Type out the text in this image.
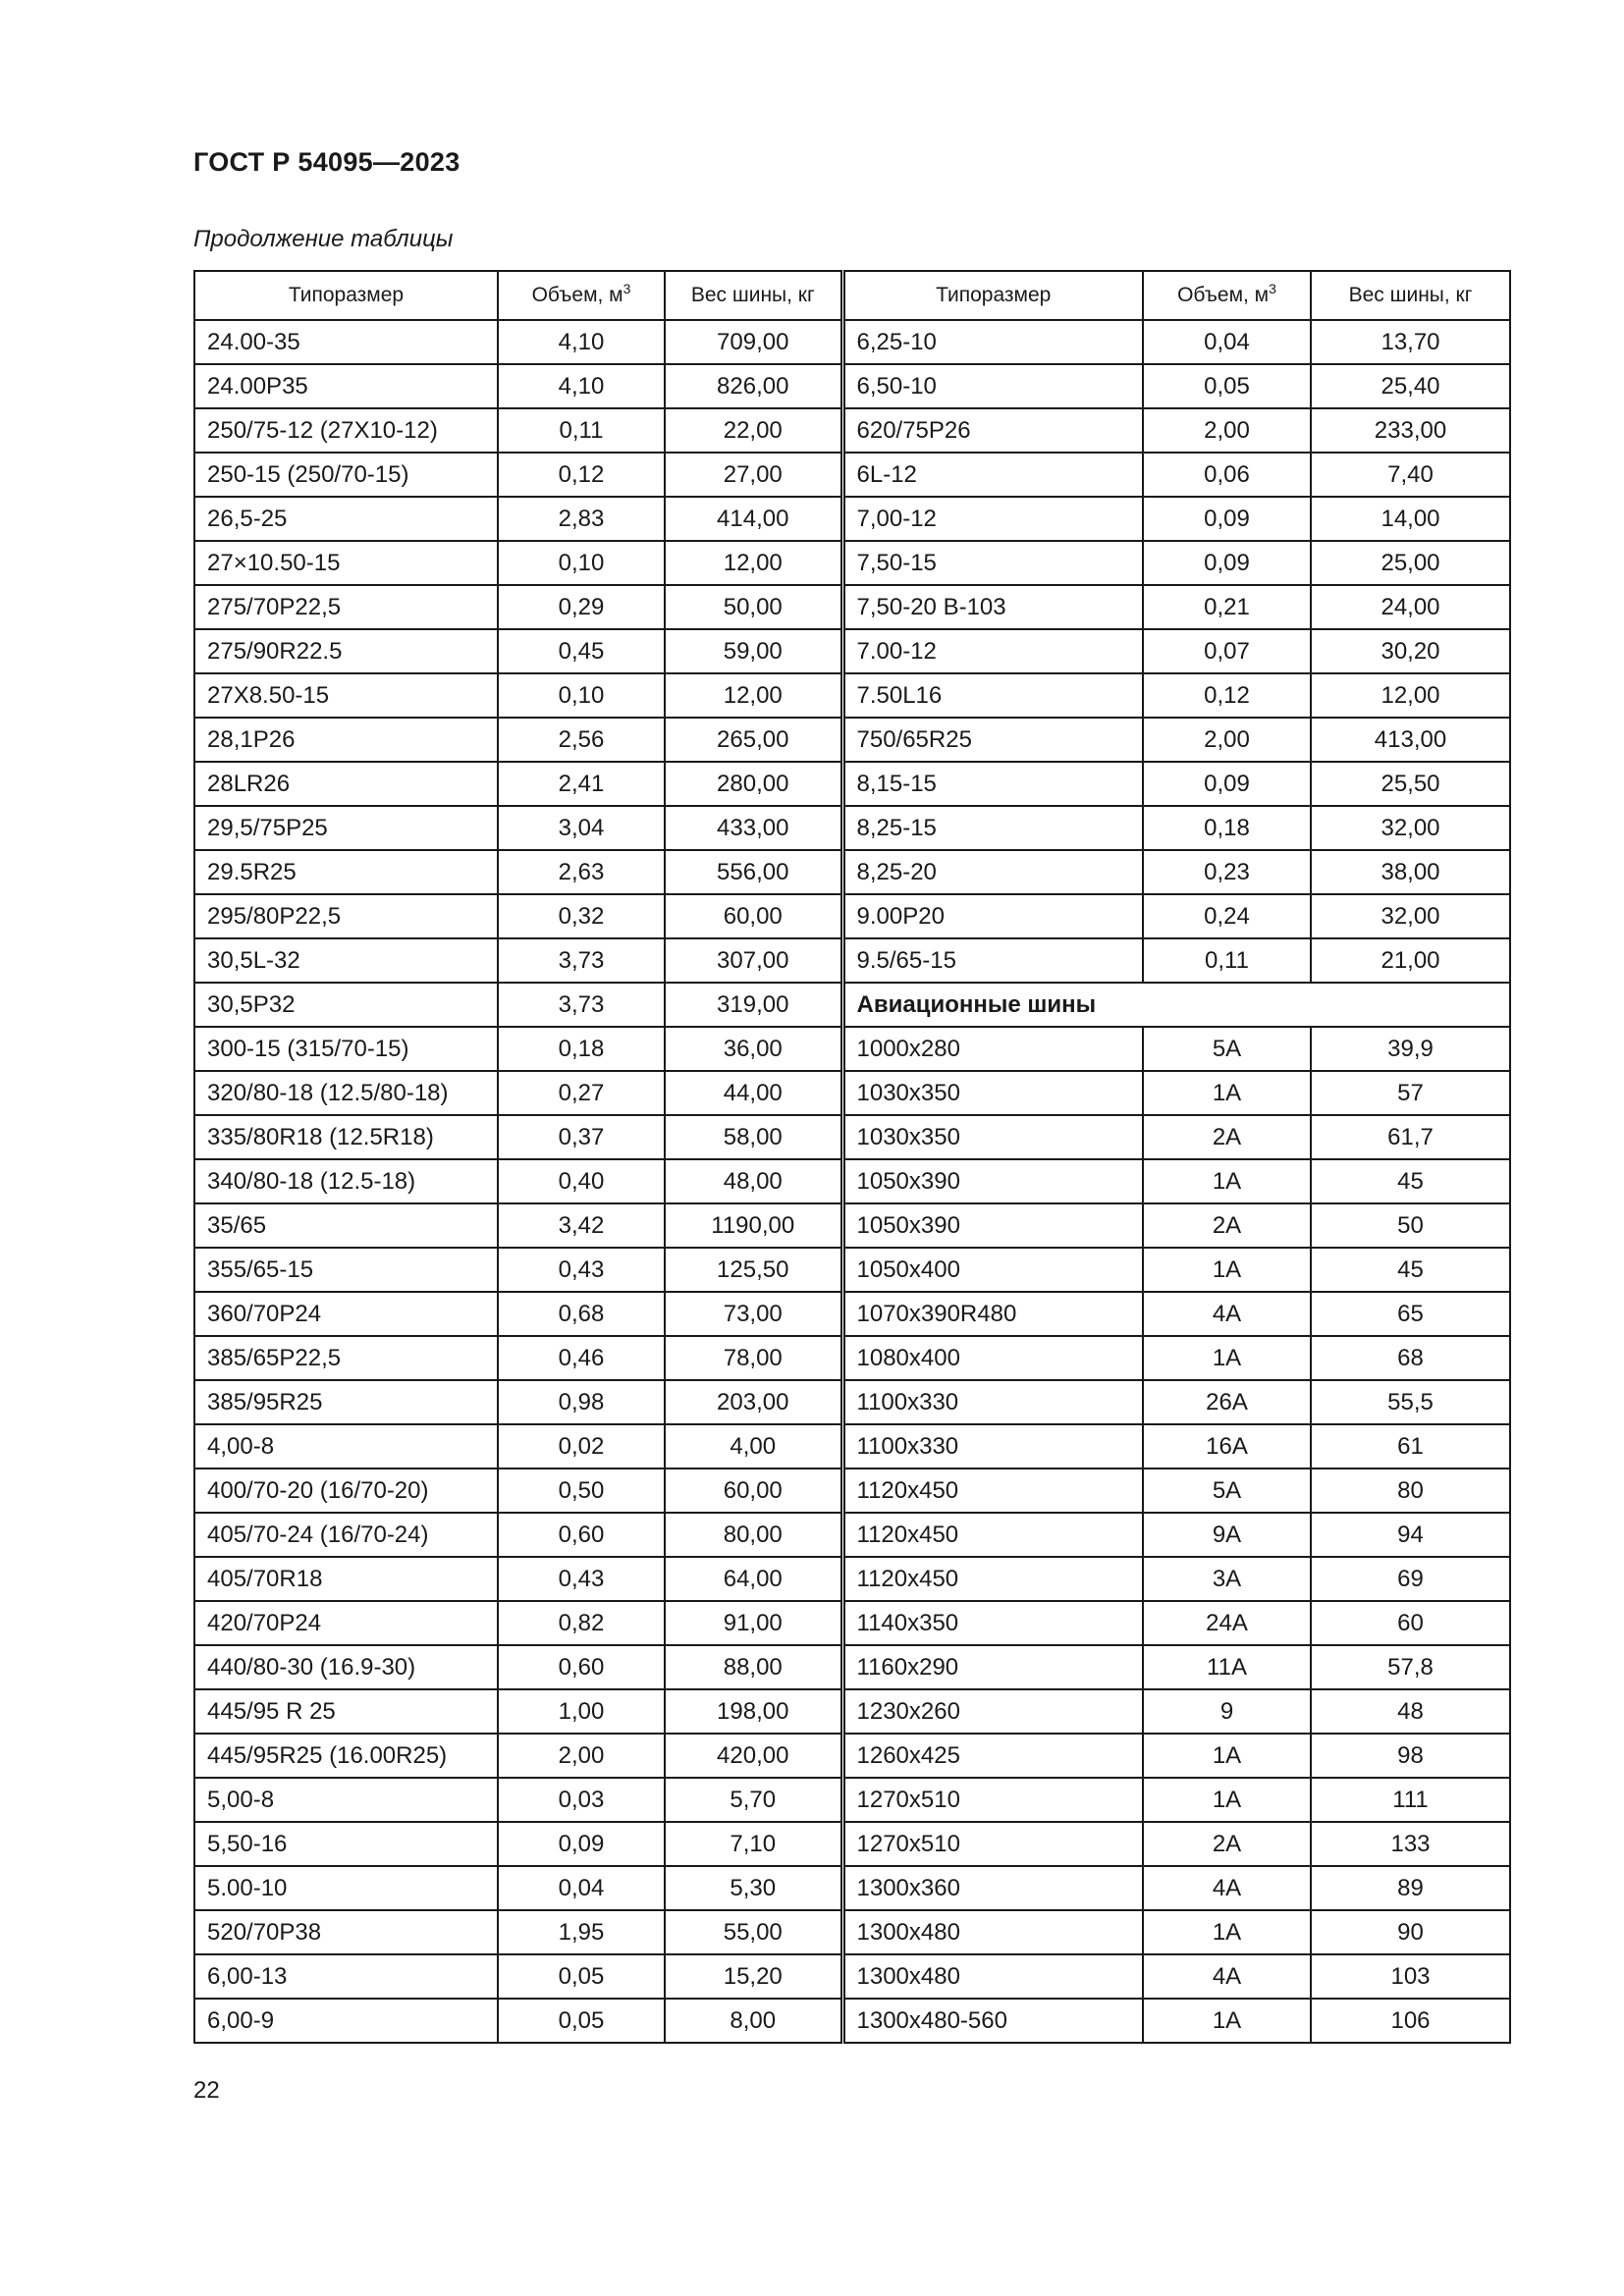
ГОСТ Р 54095—2023
Продолжение таблицы
Типоразмер	Объем, $м^3$	Вес шины, кг	Типоразмер	Объем, $м^3$	Вес шины, кг
24.00-35	4,10	709,00	6,25-10	0,04	13,70
24.00Р35	4,10	826,00	6,50-10	0,05	25,40
250/75-12 (27Х10-12)	0,11	22,00	620/75Р26	2,00	233,00
250-15 (250/70-15)	0,12	27,00	6L-12	0,06	7,40
26,5-25	2,83	414,00	7,00-12	0,09	14,00
27×10.50-15	0,10	12,00	7,50-15	0,09	25,00
275/70Р22,5	0,29	50,00	7,50-20 В-103	0,21	24,00
275/90R22.5	0,45	59,00	7.00-12	0,07	30,20
27Х8.50-15	0,10	12,00	7.50L16	0,12	12,00
28,1Р26	2,56	265,00	750/65R25	2,00	413,00
28LR26	2,41	280,00	8,15-15	0,09	25,50
29,5/75Р25	3,04	433,00	8,25-15	0,18	32,00
29.5R25	2,63	556,00	8,25-20	0,23	38,00
295/80Р22,5	0,32	60,00	9.00Р20	0,24	32,00
30,5L-32	3,73	307,00	9.5/65-15	0,11	21,00
30,5Р32	3,73	319,00	Авиационные шины		
300-15 (315/70-15)	0,18	36,00	1000х280	5А	39,9
320/80-18 (12.5/80-18)	0,27	44,00	1030х350	1А	57
335/80R18 (12.5R18)	0,37	58,00	1030х350	2А	61,7
340/80-18 (12.5-18)	0,40	48,00	1050х390	1А	45
35/65	3,42	1190,00	1050х390	2А	50
355/65-15	0,43	125,50	1050х400	1А	45
360/70Р24	0,68	73,00	1070х390R480	4А	65
385/65Р22,5	0,46	78,00	1080х400	1А	68
385/95R25	0,98	203,00	1100х330	26А	55,5
4,00-8	0,02	4,00	1100х330	16А	61
400/70-20 (16/70-20)	0,50	60,00	1120х450	5А	80
405/70-24 (16/70-24)	0,60	80,00	1120х450	9А	94
405/70R18	0,43	64,00	1120х450	3А	69
420/70Р24	0,82	91,00	1140х350	24А	60
440/80-30 (16.9-30)	0,60	88,00	1160х290	11А	57,8
445/95 R 25	1,00	198,00	1230х260	9	48
445/95R25 (16.00R25)	2,00	420,00	1260х425	1А	98
5,00-8	0,03	5,70	1270х510	1А	111
5,50-16	0,09	7,10	1270х510	2А	133
5.00-10	0,04	5,30	1300х360	4А	89
520/70Р38	1,95	55,00	1300х480	1А	90
6,00-13	0,05	15,20	1300х480	4А	103
6,00-9	0,05	8,00	1300х480-560	1А	106
22
